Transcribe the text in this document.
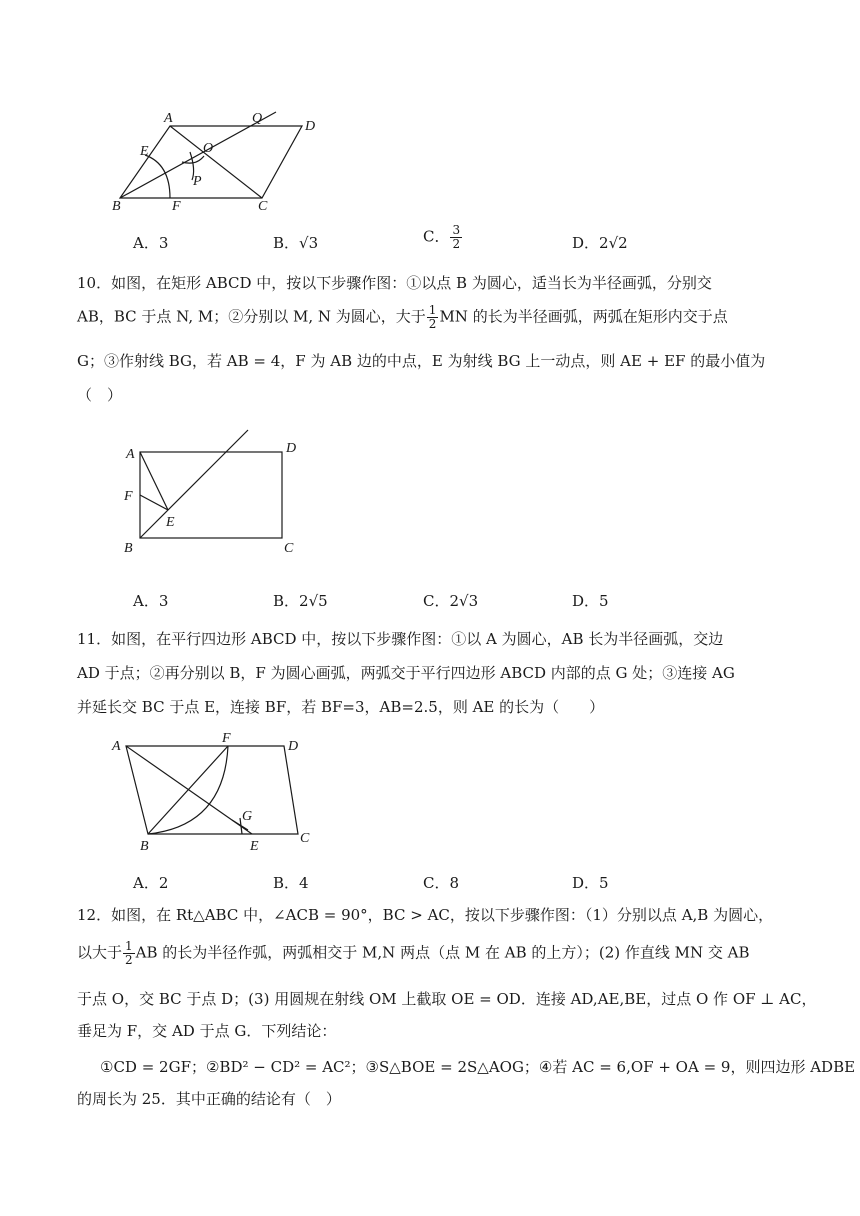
A	Q
D
E	O
P
B	F	C
A．3	B．√3	C． $\frac{3}{2}$	D．2√2
10．如图，在矩形 ABCD 中，按以下步骤作图：①以点 B 为圆心，适当长为半径画弧，分别交
AB，BC 于点 N, M；②分别以 M, N 为圆心，大于 $\frac{1}{2}$ MN 的长为半径画弧，两弧在矩形内交于点
G；③作射线 BG，若 AB = 4，F 为 AB 边的中点，E 为射线 BG 上一动点，则 AE + EF 的最小值为
（　）
A	D
F
E
B	C
A．3	B．2√5	C．2√3	D．5
11．如图，在平行四边形 ABCD 中，按以下步骤作图：①以 A 为圆心，AB 长为半径画弧，交边
AD 于点；②再分别以 B，F 为圆心画弧，两弧交于平行四边形 ABCD 内部的点 G 处；③连接 AG
并延长交 BC 于点 E，连接 BF，若 BF=3，AB=2.5，则 AE 的长为（　　）
A
F
D
G
B	E
C
A．2	B．4	C．8	D．5
12．如图，在 Rt△ABC 中，∠ACB = 90°，BC > AC，按以下步骤作图：（1）分别以点 A,B 为圆心，
以大于 $\frac{1}{2}$ AB 的长为半径作弧，两弧相交于 M,N 两点（点 M 在 AB 的上方）；(2) 作直线 MN 交 AB
于点 O，交 BC 于点 D；(3) 用圆规在射线 OM 上截取 OE = OD．连接 AD,AE,BE，过点 O 作 OF ⊥ AC，
垂足为 F，交 AD 于点 G．下列结论：
①CD = 2GF；②BD² − CD² = AC²；③S△BOE = 2S△AOG；④若 AC = 6,OF + OA = 9，则四边形 ADBE
的周长为 25．其中正确的结论有（　）
